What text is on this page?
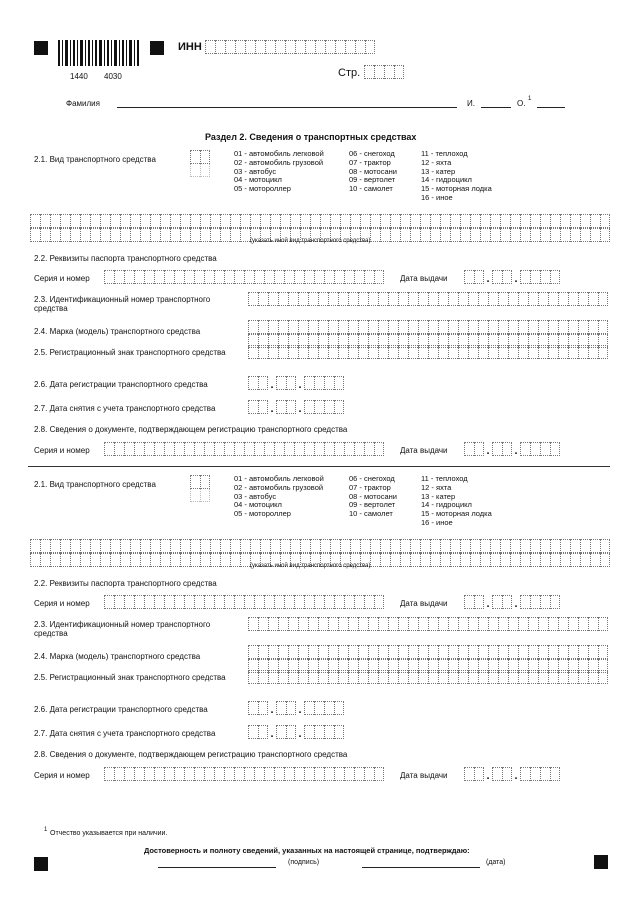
1440 4030
ИНН
Стр.
Фамилия	И.	О. 1
Раздел 2. Сведения о транспортных средствах
2.1. Вид транспортного средства
01 - автомобиль легковой
02 - автомобиль грузовой
03 - автобус
04 - мотоцикл
05 - мотороллер
06 - снегоход
07 - трактор
08 - мотосани
09 - вертолет
10 - самолет
11 - теплоход
12 - яхта
13 - катер
14 - гидроцикл
15 - моторная лодка
16 - иное
(указать иной вид транспортного средства)
2.2. Реквизиты паспорта транспортного средства
Серия и номер	Дата выдачи	. .
2.3. Идентификационный номер транспортного средства
2.4. Марка (модель) транспортного средства
2.5. Регистрационный знак транспортного средства
2.6. Дата регистрации транспортного средства	. .
2.7. Дата снятия с учета транспортного средства	. .
2.8. Сведения о документе, подтверждающем регистрацию транспортного средства
Серия и номер	Дата выдачи	. .
2.1. Вид транспортного средства
01 - автомобиль легковой
02 - автомобиль грузовой
03 - автобус
04 - мотоцикл
05 - мотороллер
06 - снегоход
07 - трактор
08 - мотосани
09 - вертолет
10 - самолет
11 - теплоход
12 - яхта
13 - катер
14 - гидроцикл
15 - моторная лодка
16 - иное
(указать иной вид транспортного средства)
2.2. Реквизиты паспорта транспортного средства
Серия и номер	Дата выдачи	. .
2.3. Идентификационный номер транспортного средства
2.4. Марка (модель) транспортного средства
2.5. Регистрационный знак транспортного средства
2.6. Дата регистрации транспортного средства	. .
2.7. Дата снятия с учета транспортного средства	. .
2.8. Сведения о документе, подтверждающем регистрацию транспортного средства
Серия и номер	Дата выдачи	. .
1 Отчество указывается при наличии.
Достоверность и полноту сведений, указанных на настоящей странице, подтверждаю:
(подпись)	(дата)
